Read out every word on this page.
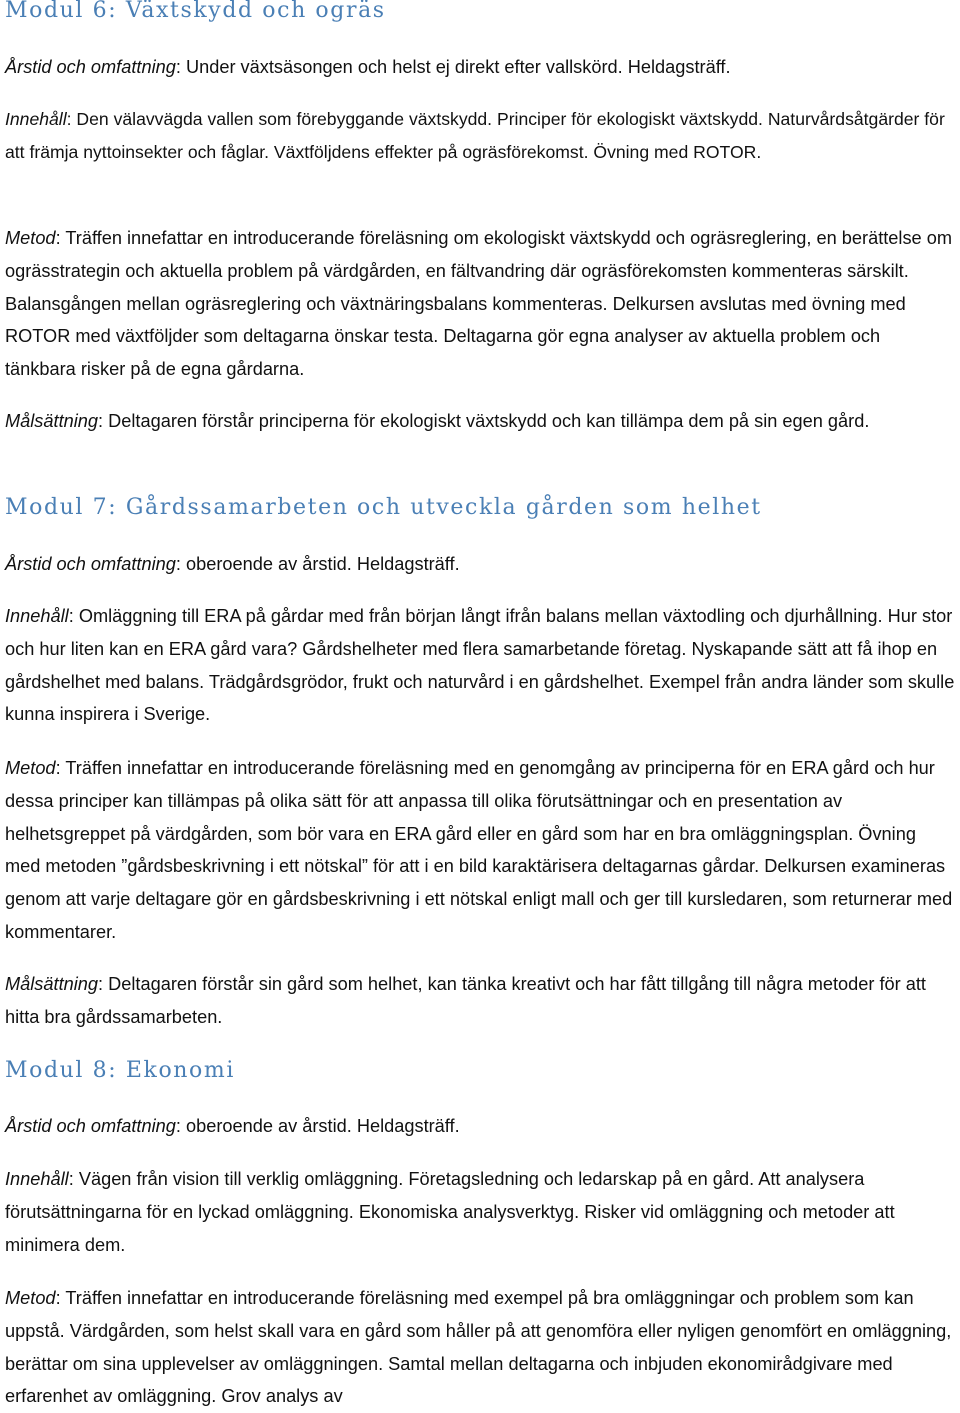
Modul 6: Växtskydd och ogräs

Årstid och omfattning: Under växtsäsongen och helst ej direkt efter vallskörd. Heldagsträff.

Innehåll: Den välavvägda vallen som förebyggande växtskydd. Principer för ekologiskt växtskydd. Naturvårdsåtgärder för att främja nyttoinsekter och fåglar. Växtföljdens effekter på ogräsförekomst. Övning med ROTOR.

Metod: Träffen innefattar en introducerande föreläsning om ekologiskt växtskydd och ogräsreglering, en berättelse om ogrässtrategin och aktuella problem på värdgården, en fältvandring där ogräsförekomsten kommenteras särskilt. Balansgången mellan ogräsreglering och växtnäringsbalans kommenteras. Delkursen avslutas med övning med ROTOR med växtföljder som deltagarna önskar testa. Deltagarna gör egna analyser av aktuella problem och tänkbara risker på de egna gårdarna.

Målsättning: Deltagaren förstår principerna för ekologiskt växtskydd och kan tillämpa dem på sin egen gård.

Modul 7: Gårdssamarbeten och utveckla gården som helhet

Årstid och omfattning: oberoende av årstid. Heldagsträff.

Innehåll: Omläggning till ERA på gårdar med från början långt ifrån balans mellan växtodling och djurhållning. Hur stor och hur liten kan en ERA gård vara? Gårdshelheter med flera samarbetande företag. Nyskapande sätt att få ihop en gårdshelhet med balans. Trädgårdsgrödor, frukt och naturvård i en gårdshelhet. Exempel från andra länder som skulle kunna inspirera i Sverige.

Metod: Träffen innefattar en introducerande föreläsning med en genomgång av principerna för en ERA gård och hur dessa principer kan tillämpas på olika sätt för att anpassa till olika förutsättningar och en presentation av helhetsgreppet på värdgården, som bör vara en ERA gård eller en gård som har en bra omläggningsplan. Övning med metoden ”gårdsbeskrivning i ett nötskal” för att i en bild karaktärisera deltagarnas gårdar. Delkursen examineras genom att varje deltagare gör en gårdsbeskrivning i ett nötskal enligt mall och ger till kursledaren, som returnerar med kommentarer.

Målsättning: Deltagaren förstår sin gård som helhet, kan tänka kreativt och har fått tillgång till några metoder för att hitta bra gårdssamarbeten.

Modul 8: Ekonomi

Årstid och omfattning: oberoende av årstid. Heldagsträff.

Innehåll: Vägen från vision till verklig omläggning. Företagsledning och ledarskap på en gård. Att analysera förutsättningarna för en lyckad omläggning. Ekonomiska analysverktyg. Risker vid omläggning och metoder att minimera dem.

Metod: Träffen innefattar en introducerande föreläsning med exempel på bra omläggningar och problem som kan uppstå. Värdgården, som helst skall vara en gård som håller på att genomföra eller nyligen genomfört en omläggning, berättar om sina upplevelser av omläggningen. Samtal mellan deltagarna och inbjuden ekonomirådgivare med erfarenhet av omläggning. Grov analys av
